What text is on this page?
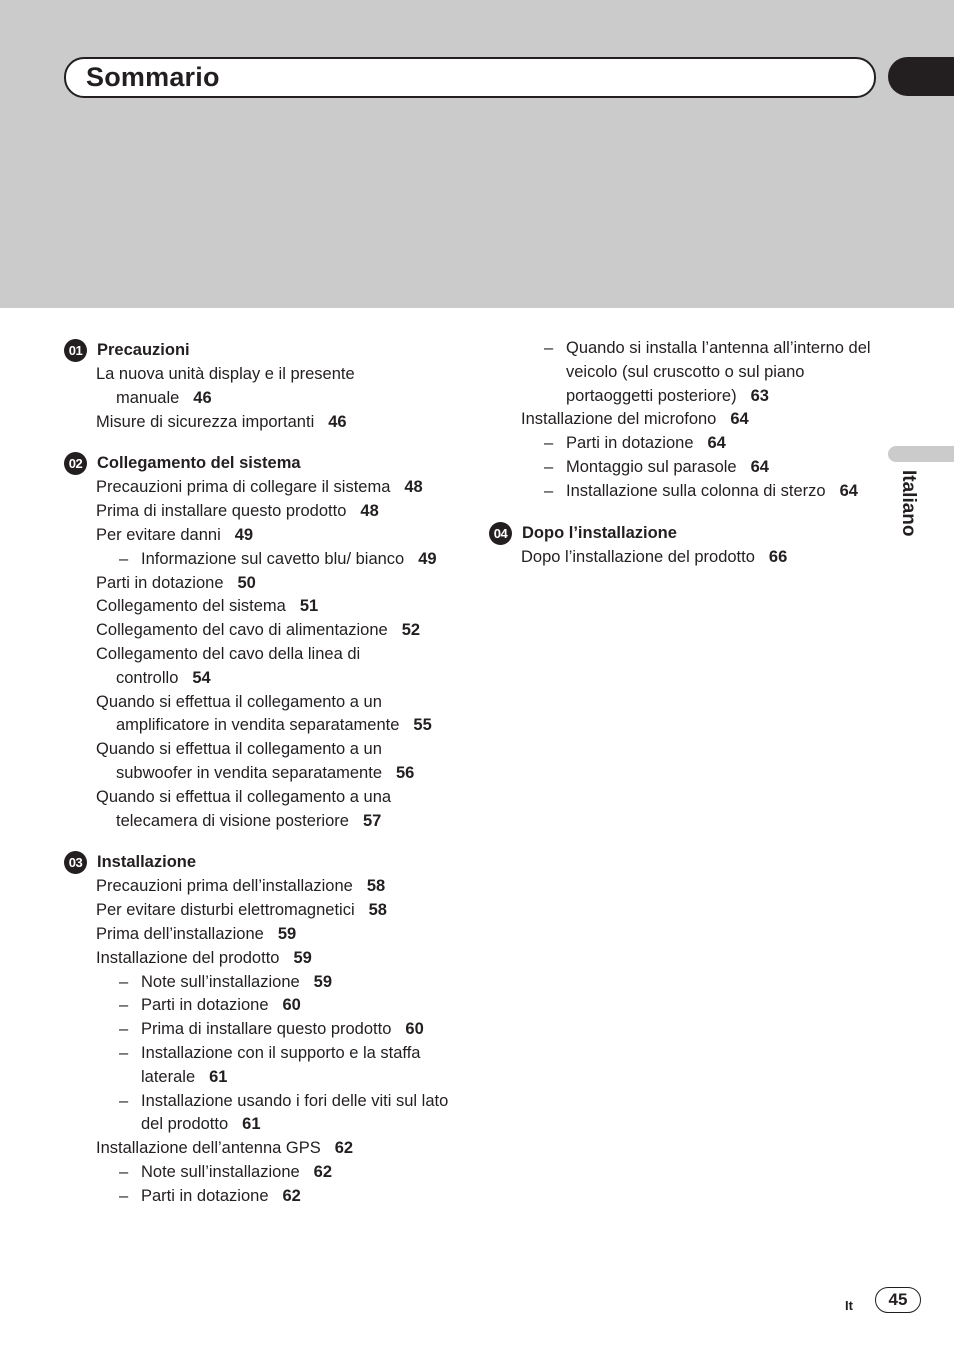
Sommario
Italiano
01 Precauzioni
La nuova unità display e il presente manuale 46
Misure di sicurezza importanti 46
02 Collegamento del sistema
Precauzioni prima di collegare il sistema 48
Prima di installare questo prodotto 48
Per evitare danni 49
– Informazione sul cavetto blu/ bianco 49
Parti in dotazione 50
Collegamento del sistema 51
Collegamento del cavo di alimentazione 52
Collegamento del cavo della linea di controllo 54
Quando si effettua il collegamento a un amplificatore in vendita separatamente 55
Quando si effettua il collegamento a un subwoofer in vendita separatamente 56
Quando si effettua il collegamento a una telecamera di visione posteriore 57
03 Installazione
Precauzioni prima dell’installazione 58
Per evitare disturbi elettromagnetici 58
Prima dell’installazione 59
Installazione del prodotto 59
– Note sull’installazione 59
– Parti in dotazione 60
– Prima di installare questo prodotto 60
– Installazione con il supporto e la staffa laterale 61
– Installazione usando i fori delle viti sul lato del prodotto 61
Installazione dell’antenna GPS 62
– Note sull’installazione 62
– Parti in dotazione 62
– Quando si installa l’antenna all’interno del veicolo (sul cruscotto o sul piano portaoggetti posteriore) 63
Installazione del microfono 64
– Parti in dotazione 64
– Montaggio sul parasole 64
– Installazione sulla colonna di sterzo 64
04 Dopo l’installazione
Dopo l’installazione del prodotto 66
It	45
